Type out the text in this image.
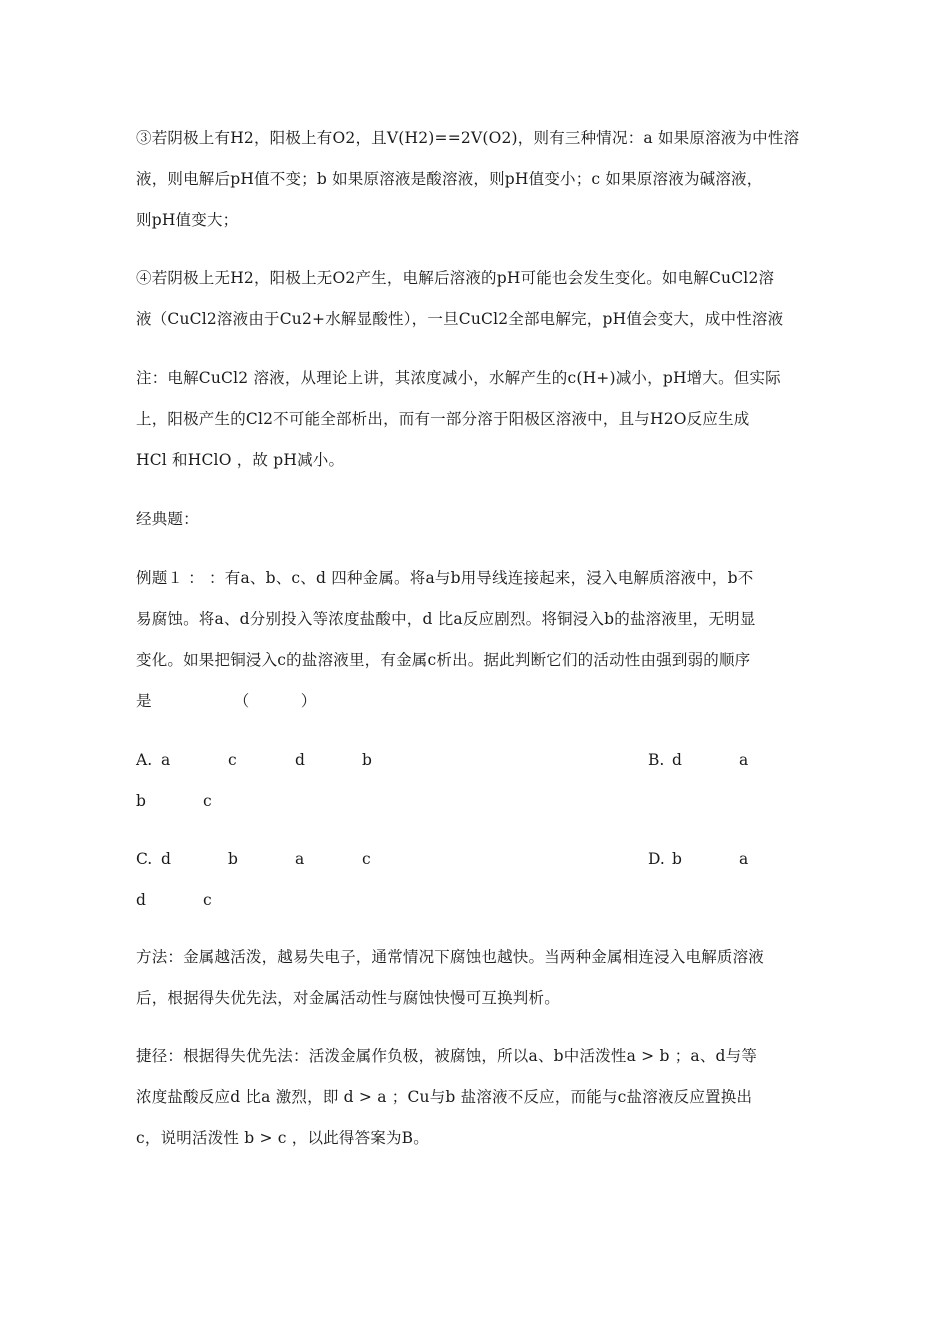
③若阴极上有H2，阳极上有O2，且V(H2)==2V(O2)，则有三种情况：a 如果原溶液为中性溶
液，则电解后pH值不变；b 如果原溶液是酸溶液，则pH值变小；c 如果原溶液为碱溶液，
则pH值变大；
④若阴极上无H2，阳极上无O2产生，电解后溶液的pH可能也会发生变化。如电解CuCl2溶
液（CuCl2溶液由于Cu2+水解显酸性），一旦CuCl2全部电解完，pH值会变大，成中性溶液
注：电解CuCl2 溶液，从理论上讲，其浓度减小，水解产生的c(H+)减小，pH增大。但实际
上，阳极产生的Cl2不可能全部析出，而有一部分溶于阳极区溶液中，且与H2O反应生成
HCl 和HClO ，故 pH减小。
经典题：
例题１ ： ：有a、b、c、d 四种金属。将a与b用导线连接起来，浸入电解质溶液中，b不
易腐蚀。将a、d分别投入等浓度盐酸中，d 比a反应剧烈。将铜浸入b的盐溶液里，无明显
变化。如果把铜浸入c的盐溶液里，有金属c析出。据此判断它们的活动性由强到弱的顺序
是                （          ）
A. a	c	d	b	B. d	a
b	c
C. d	b	a	c	D. b	a
d	c
方法：金属越活泼，越易失电子，通常情况下腐蚀也越快。当两种金属相连浸入电解质溶液
后，根据得失优先法，对金属活动性与腐蚀快慢可互换判析。
捷径：根据得失优先法：活泼金属作负极，被腐蚀，所以a、b中活泼性a > b ；a、d与等
浓度盐酸反应d 比a 激烈，即 d > a ；Cu与b 盐溶液不反应，而能与c盐溶液反应置换出
c，说明活泼性 b > c ，以此得答案为B。
